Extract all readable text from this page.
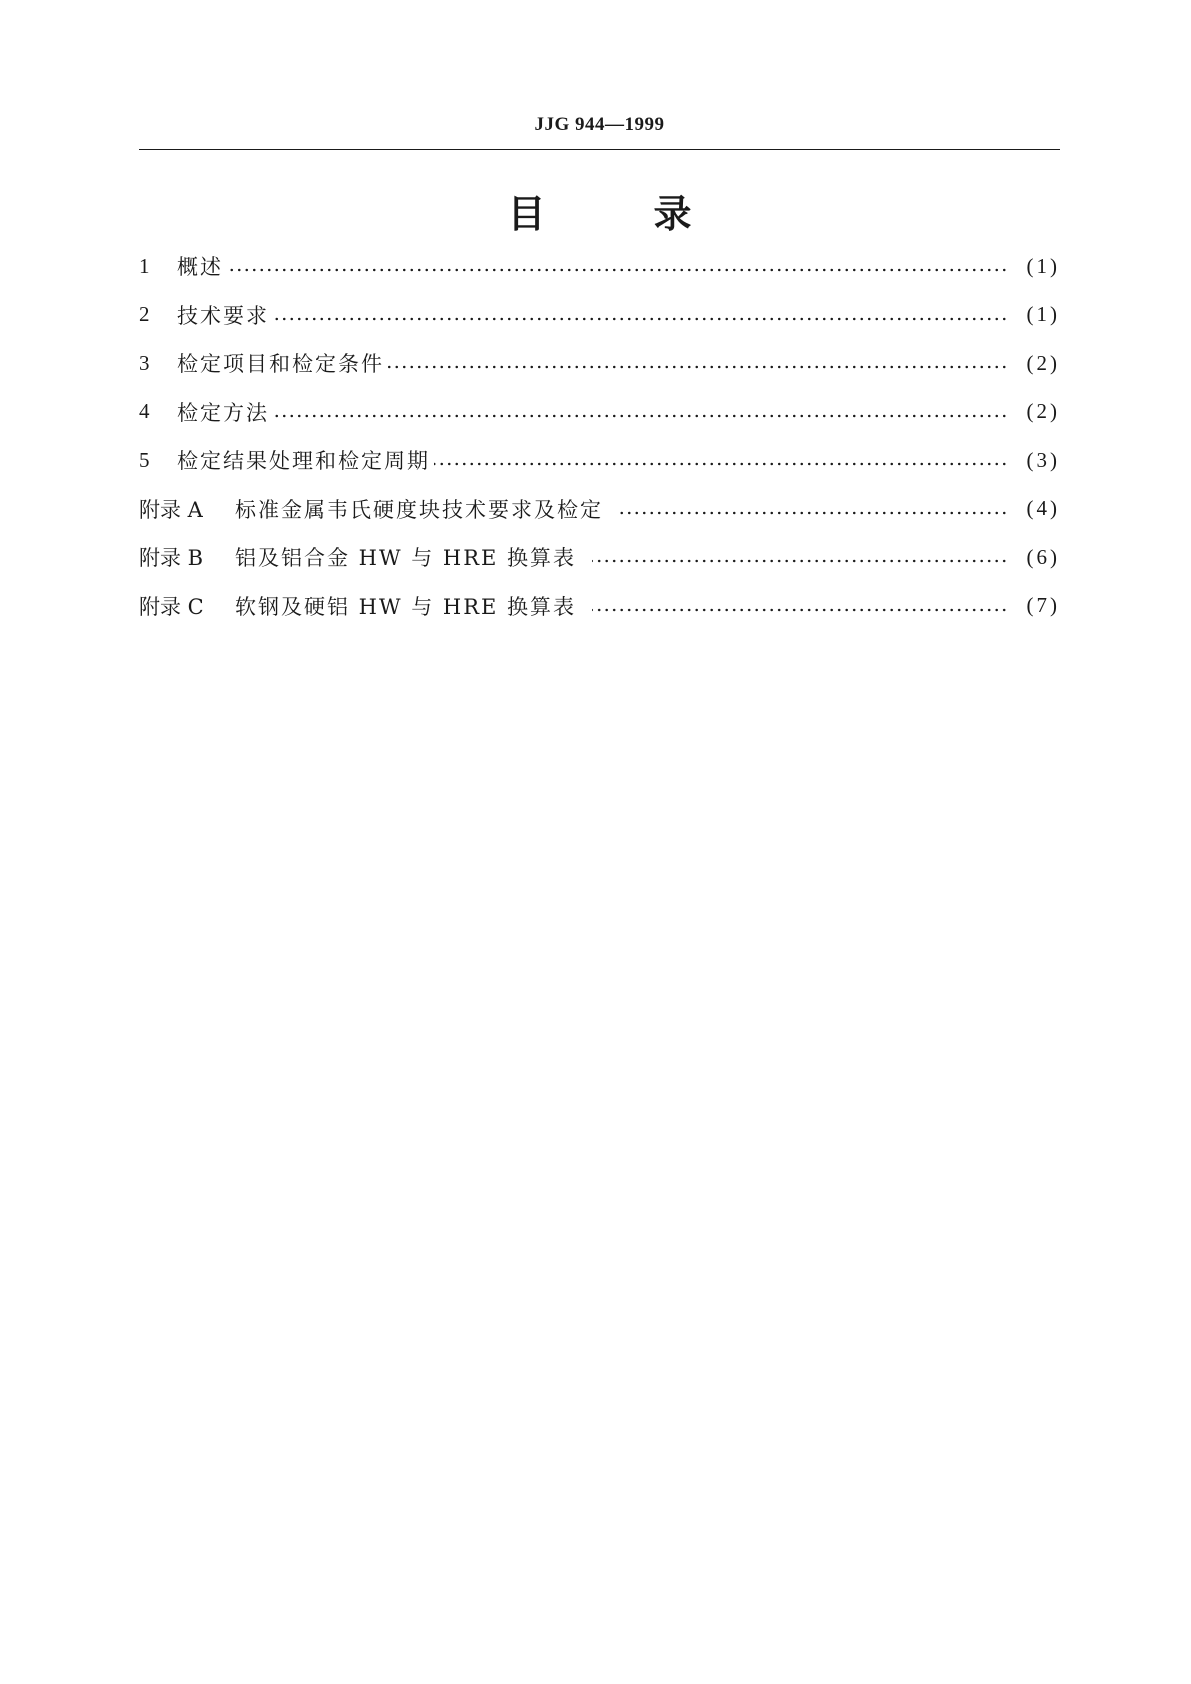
JJG 944—1999
目	录
1	概述	(1)
2	技术要求	(1)
3	检定项目和检定条件	(2)
4	检定方法	(2)
5	检定结果处理和检定周期	(3)
附录 A	标准金属韦氏硬度块技术要求及检定	(4)
附录 B	铝及铝合金 HW 与 HRE 换算表	(6)
附录 C	软钢及硬铝 HW 与 HRE 换算表	(7)
